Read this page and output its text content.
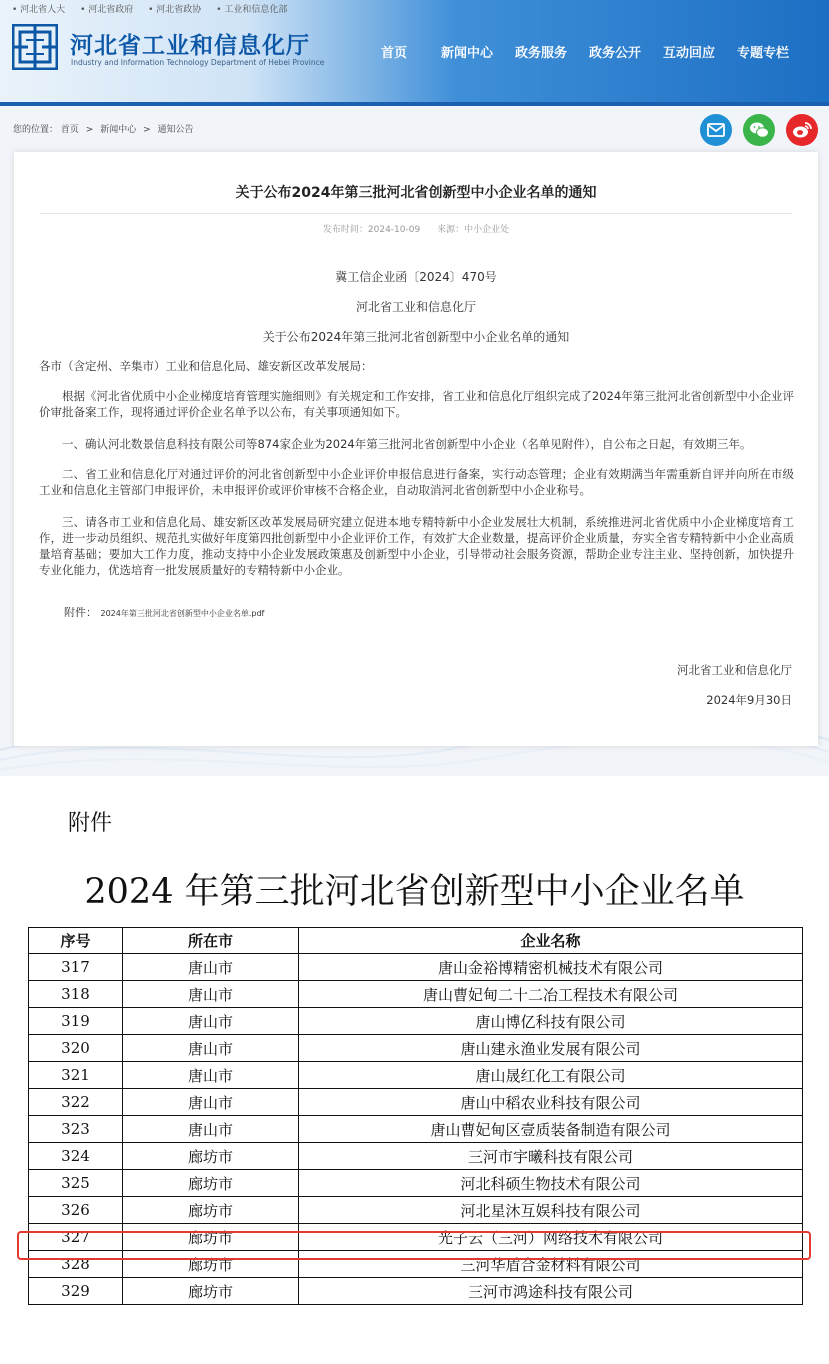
• 河北省人大	• 河北省政府	• 河北省政协	• 工业和信息化部
河北省工业和信息化厅
Industry and Information Technology Department of Hebei Province
首页	新闻中心 政务服务 政务公开 互动回应 专题专栏
您的位置： 首页 > 新闻中心 > 通知公告
关于公布2024年第三批河北省创新型中小企业名单的通知
发布时间：2024-10-09 来源：中小企业处
冀工信企业函〔2024〕470号
河北省工业和信息化厅
关于公布2024年第三批河北省创新型中小企业名单的通知
各市（含定州、辛集市）工业和信息化局、雄安新区改革发展局：
根据《河北省优质中小企业梯度培育管理实施细则》有关规定和工作安排，省工业和信息化厅组织完成了2024年第三批河北省创新型中小企业评价审批备案工作，现将通过评价企业名单予以公布，有关事项通知如下。
一、确认河北数景信息科技有限公司等874家企业为2024年第三批河北省创新型中小企业（名单见附件），自公布之日起，有效期三年。
二、省工业和信息化厅对通过评价的河北省创新型中小企业评价申报信息进行备案，实行动态管理；企业有效期满当年需重新自评并向所在市级工业和信息化主管部门申报评价，未申报评价或评价审核不合格企业，自动取消河北省创新型中小企业称号。
三、请各市工业和信息化局、雄安新区改革发展局研究建立促进本地专精特新中小企业发展壮大机制，系统推进河北省优质中小企业梯度培育工作，进一步动员组织、规范扎实做好年度第四批创新型中小企业评价工作，有效扩大企业数量，提高评价企业质量，夯实全省专精特新中小企业高质量培育基础；要加大工作力度，推动支持中小企业发展政策惠及创新型中小企业，引导带动社会服务资源，帮助企业专注主业、坚持创新，加快提升专业化能力，优选培育一批发展质量好的专精特新中小企业。
附件： 2024年第三批河北省创新型中小企业名单.pdf
河北省工业和信息化厅
2024年9月30日
附件
2024 年第三批河北省创新型中小企业名单
序号	所在市	企业名称
317	唐山市	唐山金裕博精密机械技术有限公司
318	唐山市	唐山曹妃甸二十二冶工程技术有限公司
319	唐山市	唐山博亿科技有限公司
320	唐山市	唐山建永渔业发展有限公司
321	唐山市	唐山晟红化工有限公司
322	唐山市	唐山中稻农业科技有限公司
323	唐山市	唐山曹妃甸区壹质装备制造有限公司
324	廊坊市	三河市宇曦科技有限公司
325	廊坊市	河北科硕生物技术有限公司
326	廊坊市	河北星沐互娱科技有限公司
327	廊坊市	光子云（三河）网络技术有限公司
328	廊坊市	三河华盾合金材料有限公司
329	廊坊市	三河市鸿途科技有限公司
